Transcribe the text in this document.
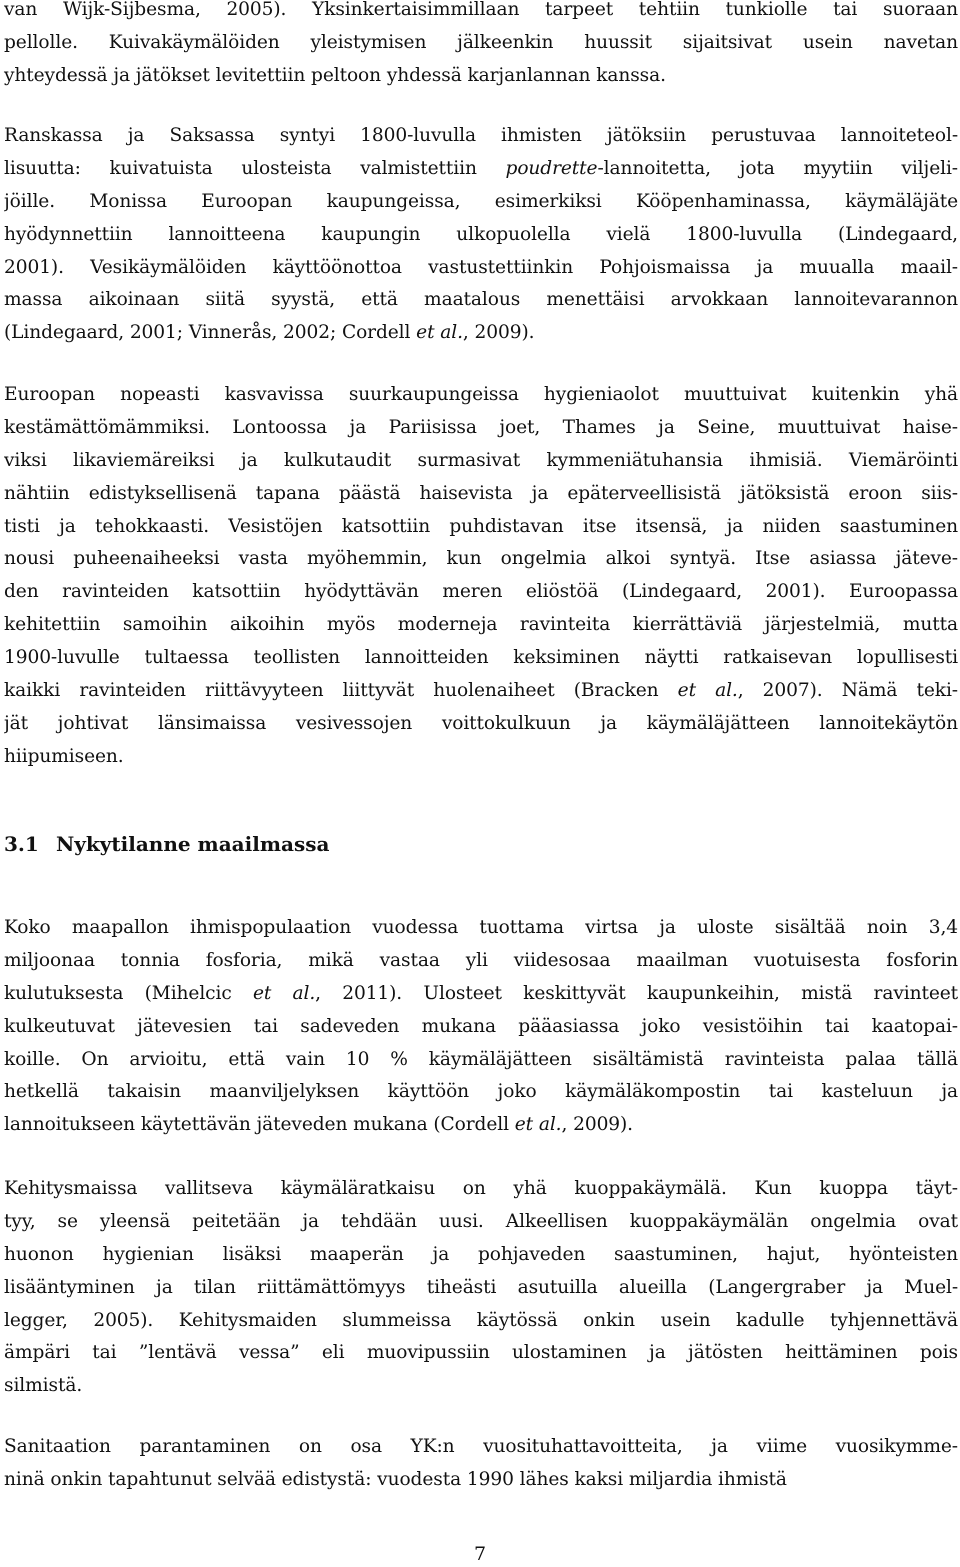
van Wijk-Sijbesma, 2005). Yksinkertaisimmillaan tarpeet tehtiin tunkiolle tai suoraan
pellolle. Kuivakäymälöiden yleistymisen jälkeenkin huussit sijaitsivat usein navetan
yhteydessä ja jätökset levitettiin peltoon yhdessä karjanlannan kanssa.
Ranskassa ja Saksassa syntyi 1800-luvulla ihmisten jätöksiin perustuvaa lannoiteteol-
lisuutta: kuivatuista ulosteista valmistettiin poudrette-lannoitetta, jota myytiin viljeli-
jöille. Monissa Euroopan kaupungeissa, esimerkiksi Kööpenhaminassa, käymäläjäte
hyödynnettiin lannoitteena kaupungin ulkopuolella vielä 1800-luvulla (Lindegaard,
2001). Vesikäymälöiden käyttöönottoa vastustettiinkin Pohjoismaissa ja muualla maail-
massa aikoinaan siitä syystä, että maatalous menettäisi arvokkaan lannoitevarannon
(Lindegaard, 2001; Vinnerås, 2002; Cordell et al., 2009).
Euroopan nopeasti kasvavissa suurkaupungeissa hygieniaolot muuttuivat kuitenkin yhä
kestämättömämmiksi. Lontoossa ja Pariisissa joet, Thames ja Seine, muuttuivat haise-
viksi likaviemäreiksi ja kulkutaudit surmasivat kymmeniätuhansia ihmisiä. Viemäröinti
nähtiin edistyksellisenä tapana päästä haisevista ja epäterveellisistä jätöksistä eroon siis-
tisti ja tehokkaasti. Vesistöjen katsottiin puhdistavan itse itsensä, ja niiden saastuminen
nousi puheenaiheeksi vasta myöhemmin, kun ongelmia alkoi syntyä. Itse asiassa jäteve-
den ravinteiden katsottiin hyödyttävän meren eliöstöä (Lindegaard, 2001). Euroopassa
kehitettiin samoihin aikoihin myös moderneja ravinteita kierrättäviä järjestelmiä, mutta
1900-luvulle tultaessa teollisten lannoitteiden keksiminen näytti ratkaisevan lopullisesti
kaikki ravinteiden riittävyyteen liittyvät huolenaiheet (Bracken et al., 2007). Nämä teki-
jät johtivat länsimaissa vesivessojen voittokulkuun ja käymäläjätteen lannoitekäytön
hiipumiseen.
3.1 Nykytilanne maailmassa
Koko maapallon ihmispopulaation vuodessa tuottama virtsa ja uloste sisältää noin 3,4
miljoonaa tonnia fosforia, mikä vastaa yli viidesosaa maailman vuotuisesta fosforin
kulutuksesta (Mihelcic et al., 2011). Ulosteet keskittyvät kaupunkeihin, mistä ravinteet
kulkeutuvat jätevesien tai sadeveden mukana pääasiassa joko vesistöihin tai kaatopai-
koille. On arvioitu, että vain 10 % käymäläjätteen sisältämistä ravinteista palaa tällä
hetkellä takaisin maanviljelyksen käyttöön joko käymäläkompostin tai kasteluun ja
lannoitukseen käytettävän jäteveden mukana (Cordell et al., 2009).
Kehitysmaissa vallitseva käymäläratkaisu on yhä kuoppakäymälä. Kun kuoppa täyt-
tyy, se yleensä peitetään ja tehdään uusi. Alkeellisen kuoppakäymälän ongelmia ovat
huonon hygienian lisäksi maaperän ja pohjaveden saastuminen, hajut, hyönteisten
lisääntyminen ja tilan riittämättömyys tiheästi asutuilla alueilla (Langergraber ja Muel-
legger, 2005). Kehitysmaiden slummeissa käytössä onkin usein kadulle tyhjennettävä
ämpäri tai ”lentävä vessa” eli muovipussiin ulostaminen ja jätösten heittäminen pois
silmistä.
Sanitaation parantaminen on osa YK:n vuosituhattavoitteita, ja viime vuosikymme-
ninä onkin tapahtunut selvää edistystä: vuodesta 1990 lähes kaksi miljardia ihmistä
7
